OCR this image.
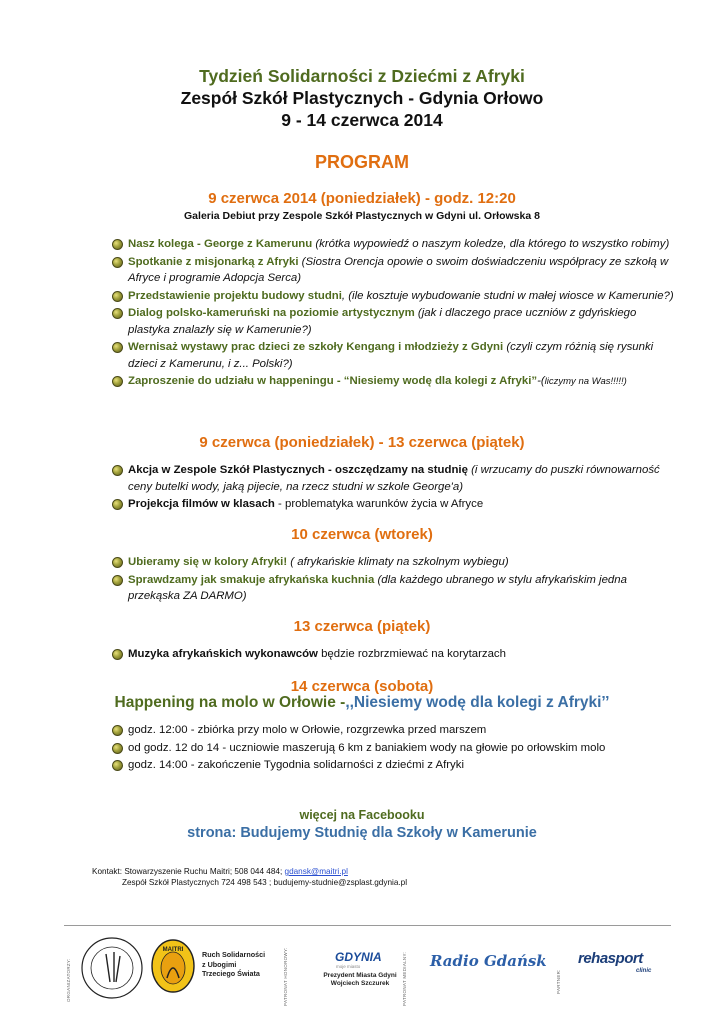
Tydzień Solidarności z Dziećmi z Afryki
Zespół Szkół Plastycznych - Gdynia Orłowo
9 - 14 czerwca 2014
PROGRAM
9 czerwca 2014 (poniedziałek) - godz. 12:20
Galeria Debiut przy Zespole Szkół Plastycznych w Gdyni ul. Orłowska 8
Nasz kolega - George z Kamerunu (krótka wypowiedź o naszym koledze, dla którego to wszystko robimy)
Spotkanie z misjonarką z Afryki (Siostra Orencja opowie o swoim doświadczeniu współpracy ze szkołą w Afryce i programie Adopcja Serca)
Przedstawienie projektu budowy studni, (ile kosztuje wybudowanie studni w małej wiosce w Kamerunie?)
Dialog polsko-kameruński na poziomie artystycznym (jak i dlaczego prace uczniów z gdyńskiego plastyka znalazły się w Kamerunie?)
Wernisaż wystawy prac dzieci ze szkoły Kengang i młodzieży z Gdyni (czyli czym różnią się rysunki dzieci z Kamerunu, i z... Polski?)
Zaproszenie do udziału w happeningu - “Niesiemy wodę dla kolegi z Afryki”-(liczymy na Was!!!!!)
9 czerwca (poniedziałek) - 13 czerwca (piątek)
Akcja w Zespole Szkół Plastycznych - oszczędzamy na studnię (i wrzucamy do puszki równowarność ceny butelki wody, jaką pijecie, na rzecz studni w szkole George'a)
Projekcja filmów w klasach - problematyka warunków życia w Afryce
10 czerwca (wtorek)
Ubieramy się w kolory Afryki! ( afrykańskie klimaty na szkolnym wybiegu)
Sprawdzamy jak smakuje afrykańska kuchnia (dla każdego ubranego w stylu afrykańskim jedna przekąska ZA DARMO)
13 czerwca (piątek)
Muzyka afrykańskich wykonawców będzie rozbrzmiewać na korytarzach
14 czerwca (sobota)
Happening na molo w Orłowie -,,Niesiemy wodę dla kolegi z Afryki’’
godz. 12:00 - zbiórka przy molo w Orłowie, rozgrzewka przed marszem
od godz. 12 do 14 - uczniowie maszerują 6 km z baniakiem wody na głowie po orłowskim molo
godz. 14:00 - zakończenie Tygodnia solidarności z dziećmi z Afryki
więcej na Facebooku
strona: Budujemy Studnię dla Szkoły w Kamerunie
Kontakt: Stowarzyszenie Ruchu Maitri; 508 044 484; gdansk@maitri.pl
Zespół Szkół Plastycznych 724 498 543 ; budujemy-studnie@zsplast.gdynia.pl
ORGANIZATORZY:
MAITRI	Ruch Solidarności
z Ubogimi
Trzeciego Świata	PATRONAT HONOROWY:	GDYNIA
moje miasto
Prezydent Miasta Gdyni
Wojciech Szczurek	PATRONAT MEDIALNY: Radio Gdańsk
PARTNER:
rehasport
clinic
